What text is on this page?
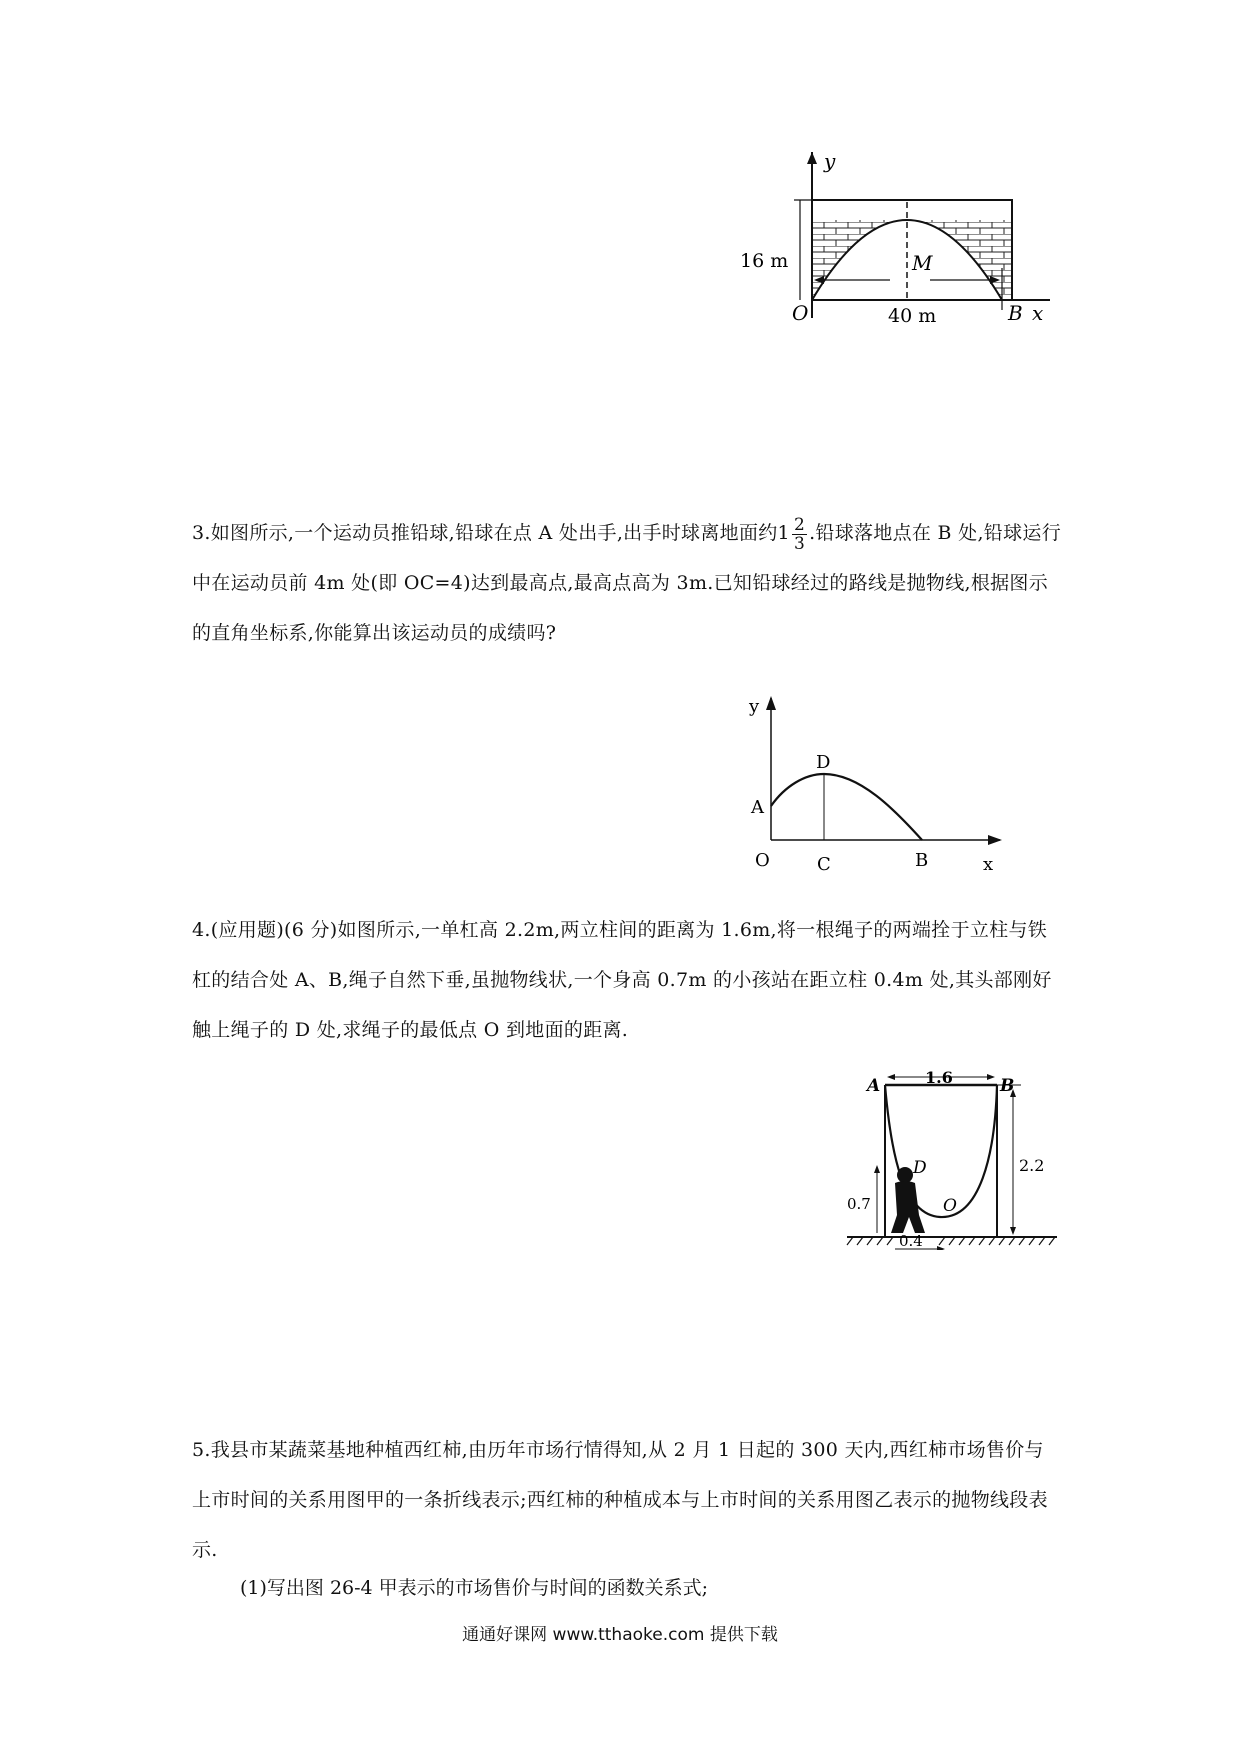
y
16 m	M
O	40 m	B x

3.如图所示,一个运动员推铅球,铅球在点 A 处出手,出手时球离地面约$1 \frac{2}{3}$ .铅球落地点在 B 处,铅球运行中在运动员前 4m 处(即 OC=4)达到最高点,最高点高为 3m.已知铅球经过的路线是抛物线,根据图示的直角坐标系,你能算出该运动员的成绩吗?

y
A
D
O	C	B	x

4.(应用题)(6 分)如图所示,一单杠高 2.2m,两立柱间的距离为 1.6m,将一根绳子的两端拴于立柱与铁杠的结合处 A、B,绳子自然下垂,虽抛物线状,一个身高 0.7m 的小孩站在距立柱 0.4m 处,其头部刚好触上绳子的 D 处,求绳子的最低点 O 到地面的距离.

A	1.6	B
2.2
D
O
0.7
0.4

5.我县市某蔬菜基地种植西红柿,由历年市场行情得知,从 2 月 1 日起的 300 天内,西红柿市场售价与上市时间的关系用图甲的一条折线表示;西红柿的种植成本与上市时间的关系用图乙表示的抛物线段表示.

(1)写出图 26-4 甲表示的市场售价与时间的函数关系式;
通通好课网 www.tthaoke.com 提供下载
